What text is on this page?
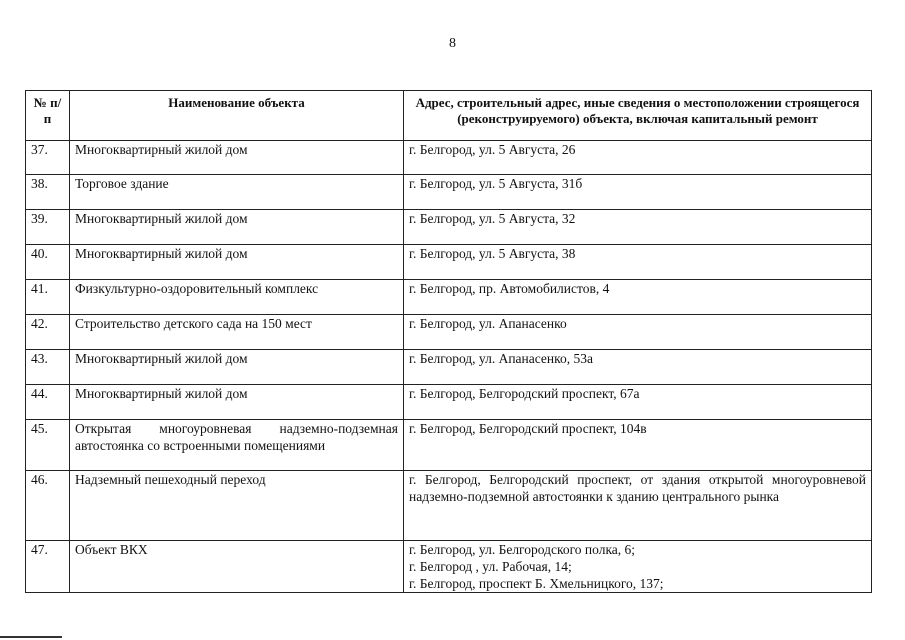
8
№ п/п	Наименование объекта	Адрес, строительный адрес, иные сведения о местоположении строящегося (реконструируемого) объекта, включая капитальный ремонт
37.	Многоквартирный жилой дом	г. Белгород, ул. 5 Августа, 26

38.	Торговое здание	г. Белгород, ул. 5 Августа, 31б

39.	Многоквартирный жилой дом	г. Белгород, ул. 5 Августа, 32

40.	Многоквартирный жилой дом	г. Белгород, ул. 5 Августа, 38

41.	Физкультурно-оздоровительный комплекс	г. Белгород, пр. Автомобилистов, 4

42.	Строительство детского сада на 150 мест	г. Белгород, ул. Апанасенко

43.	Многоквартирный жилой дом	г. Белгород, ул. Апанасенко, 53а

44.	Многоквартирный жилой дом	г. Белгород, Белгородский проспект, 67а

45.	Открытая многоуровневая надземно-подземная автостоянка со встроенными помещениями	г. Белгород, Белгородский проспект, 104в

46.	Надземный пешеходный переход	г. Белгород, Белгородский проспект, от здания открытой многоуровневой надземно-подземной автостоянки к зданию центрального рынка

47.	Объект ВКХ	г. Белгород, ул. Белгородского полка, 6;
г. Белгород , ул. Рабочая, 14;
г. Белгород, проспект Б. Хмельницкого, 137;
